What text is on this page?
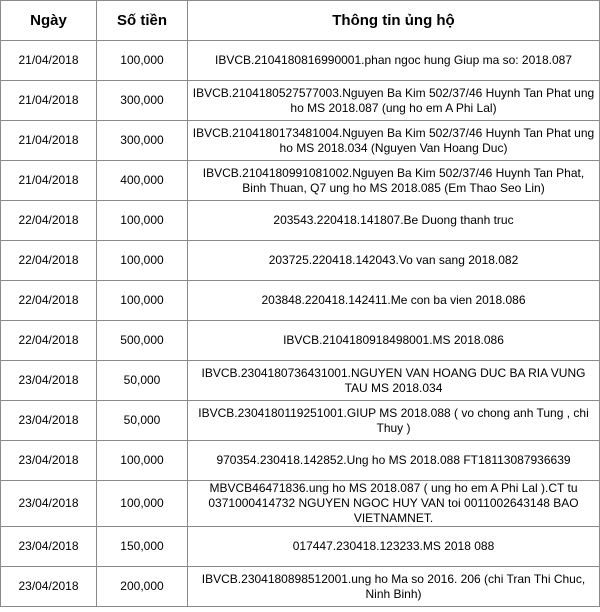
Ngày	Số tiền	Thông tin ủng hộ
21/04/2018	100,000	IBVCB.2104180816990001.phan ngoc hung Giup ma so: 2018.087
21/04/2018	300,000	IBVCB.2104180527577003.Nguyen Ba Kim 502/37/46 Huynh Tan Phat ung ho MS 2018.087 (ung ho em A Phi Lal)
21/04/2018	300,000	IBVCB.2104180173481004.Nguyen Ba Kim 502/37/46 Huynh Tan Phat ung ho MS 2018.034 (Nguyen Van Hoang Duc)
21/04/2018	400,000	IBVCB.2104180991081002.Nguyen Ba Kim 502/37/46 Huynh Tan Phat, Binh Thuan, Q7 ung ho MS 2018.085 (Em Thao Seo Lin)
22/04/2018	100,000	203543.220418.141807.Be Duong thanh truc
22/04/2018	100,000	203725.220418.142043.Vo van sang 2018.082
22/04/2018	100,000	203848.220418.142411.Me con ba vien 2018.086
22/04/2018	500,000	IBVCB.2104180918498001.MS 2018.086
23/04/2018	50,000	IBVCB.2304180736431001.NGUYEN VAN HOANG DUC BA RIA VUNG TAU MS 2018.034
23/04/2018	50,000	IBVCB.2304180119251001.GIUP MS 2018.088 ( vo chong anh Tung , chi Thuy )
23/04/2018	100,000	970354.230418.142852.Ung ho MS 2018.088 FT18113087936639
23/04/2018	100,000	MBVCB46471836.ung ho MS 2018.087 ( ung ho em A Phi Lal ).CT tu 0371000414732 NGUYEN NGOC HUY VAN toi 0011002643148 BAO VIETNAMNET.
23/04/2018	150,000	017447.230418.123233.MS 2018 088
23/04/2018	200,000	IBVCB.2304180898512001.ung ho Ma so 2016. 206 (chi Tran Thi Chuc, Ninh Binh)
